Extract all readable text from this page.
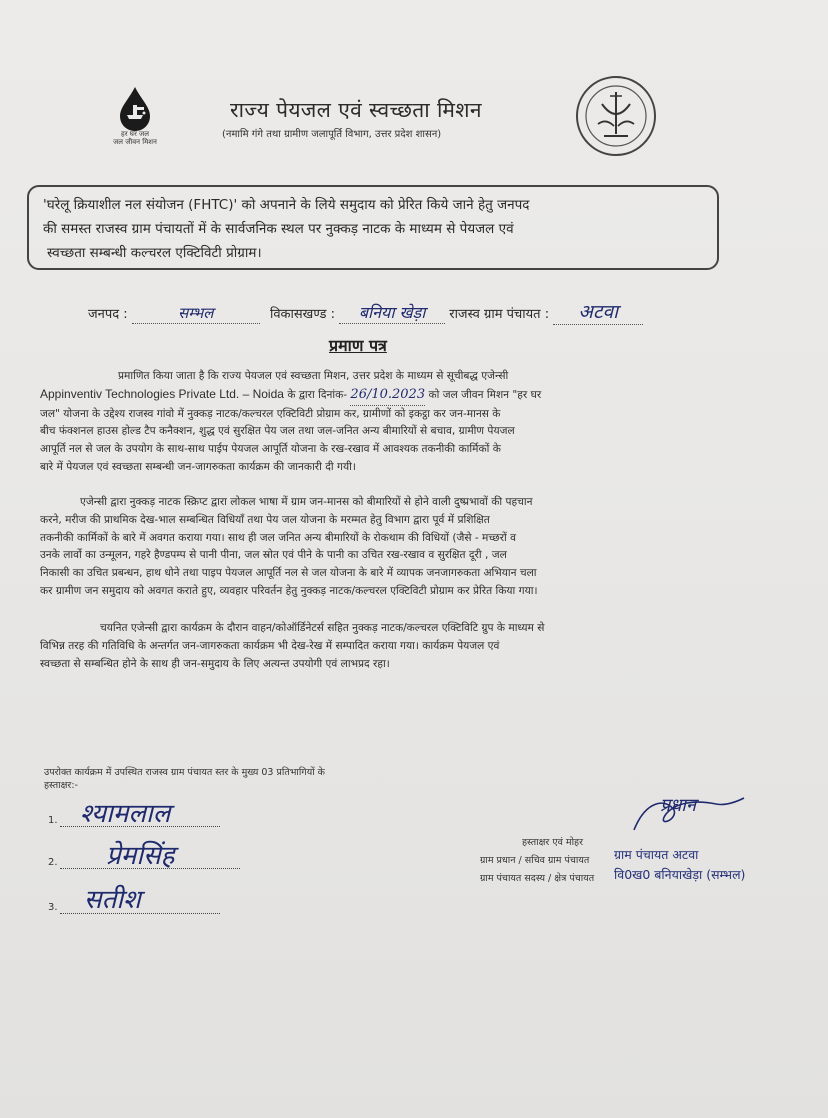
हर घर जल
जल जीवन मिशन
राज्य पेयजल एवं स्वच्छता मिशन
(नमामि गंगे तथा ग्रामीण जलापूर्ति विभाग, उत्तर प्रदेश शासन)
'घरेलू क्रियाशील नल संयोजन (FHTC)' को अपनाने के लिये समुदाय को प्रेरित किये जाने हेतु जनपद
की समस्त राजस्व ग्राम पंचायतों में के सार्वजनिक स्थल पर नुक्कड़ नाटक के माध्यम से पेयजल एवं
स्वच्छता सम्बन्धी कल्चरल एक्टिविटी प्रोग्राम।
जनपद :	सम्भल	विकासखण्ड : बनिया खेड़ा राजस्व ग्राम पंचायत : अटवा
प्रमाण पत्र
प्रमाणित किया जाता है कि राज्य पेयजल एवं स्वच्छता मिशन, उत्तर प्रदेश के माध्यम से सूचीबद्ध एजेन्सी
Appinventiv Technologies Private Ltd. – Noida के द्वारा दिनांक- 26/10.2023 को जल जीवन मिशन "हर घर
जल" योजना के उद्देश्य राजस्व गांवो में नुक्कड़ नाटक/कल्चरल एक्टिविटी प्रोग्राम कर, ग्रामीणों को इकट्ठा कर जन-मानस के
बीच फंक्शनल हाउस होल्ड टैप कनैक्शन, शुद्ध एवं सुरक्षित पेय जल तथा जल-जनित अन्य बीमारियों से बचाव, ग्रामीण पेयजल
आपूर्ति नल से जल के उपयोग के साथ-साथ पाईप पेयजल आपूर्ति योजना के रख-रखाव में आवश्यक तकनीकी कार्मिकों के
बारे में पेयजल एवं स्वच्छता सम्बन्धी जन-जागरुकता कार्यक्रम की जानकारी दी गयी।
एजेन्सी द्वारा नुक्कड़ नाटक स्क्रिप्ट द्वारा लोकल भाषा में ग्राम जन-मानस को बीमारियों से होने वाली दुष्प्रभावों की पहचान
करने, मरीज की प्राथमिक देख-भाल सम्बन्धित विधियाँ तथा पेय जल योजना के मरम्मत हेतु विभाग द्वारा पूर्व में प्रशिक्षित
तकनीकी कार्मिकों के बारे में अवगत कराया गया। साथ ही जल जनित अन्य बीमारियों के रोकथाम की विधियों (जैसे - मच्छरों व
उनके लार्वो का उन्मूलन, गहरे हैण्डपम्प से पानी पीना, जल स्रोत एवं पीने के पानी का उचित रख-रखाव व सुरक्षित दूरी , जल
निकासी का उचित प्रबन्धन, हाथ धोने तथा पाइप पेयजल आपूर्ति नल से जल योजना के बारे में व्यापक जनजागरुकता अभियान चला
कर ग्रामीण जन समुदाय को अवगत कराते हुए, व्यवहार परिवर्तन हेतु नुक्कड़ नाटक/कल्चरल एक्टिविटी प्रोग्राम कर प्रेरित किया गया।
चयनित एजेन्सी द्वारा कार्यक्रम के दौरान वाहन/कोऑर्डिनेटर्स सहित नुक्कड़ नाटक/कल्चरल एक्टिविटि ग्रुप के माध्यम से
विभिन्न तरह की गतिविधि के अन्तर्गत जन-जागरुकता कार्यक्रम भी देख-रेख में सम्पादित कराया गया। कार्यक्रम पेयजल एवं
स्वच्छता से सम्बन्धित होने के साथ ही जन-समुदाय के लिए अत्यन्त उपयोगी एवं लाभप्रद रहा।
उपरोक्त कार्यक्रम में उपस्थित राजस्व ग्राम पंचायत स्तर के मुख्य 03 प्रतिभागियों के
हस्ताक्षर:-
1. श्यामलाल
2. प्रेमसिंह
3. सतीश
प्रधान
हस्ताक्षर एवं मोहर
ग्राम प्रधान / सचिव ग्राम पंचायत
ग्राम पंचायत सदस्य / क्षेत्र पंचायत
ग्राम पंचायत अटवा
वि0ख0 बनियाखेड़ा (सम्भल)
